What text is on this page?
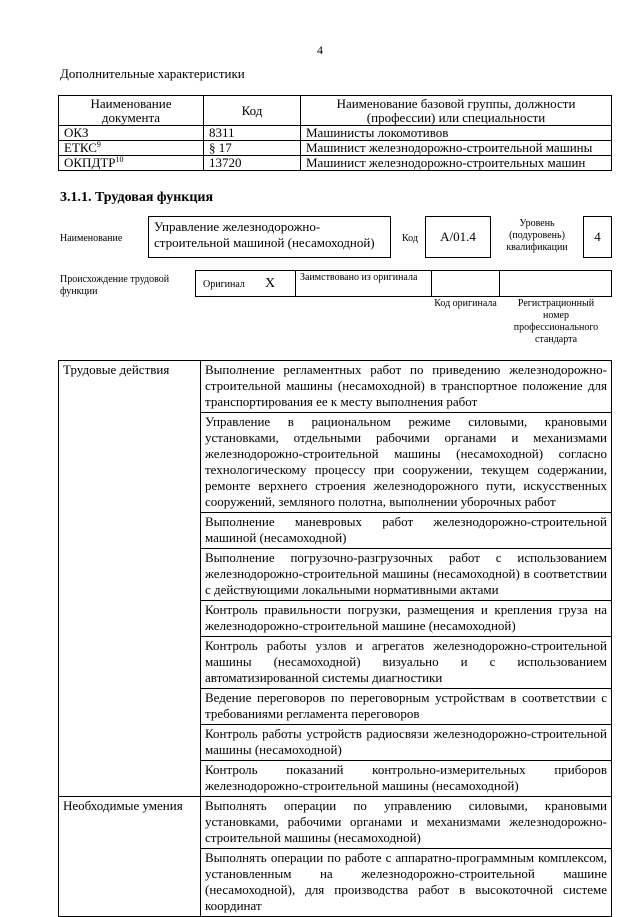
4
Дополнительные характеристики
Наименование документа	Код	Наименование базовой группы, должности (профессии) или специальности
ОКЗ	8311	Машинисты локомотивов
ЕТКС$^9$	§ 17	Машинист железнодорожно-строительной машины
ОКПДТР$^{10}$	13720	Машинист железнодорожно-строительных машин
3.1.1. Трудовая функция
Наименование
Управление железнодорожно-строительной машиной (несамоходной)	Код	A/01.4
Уровень (подуровень) квалификации
4
Происхождение трудовой функции
Оригинал X Заимствовано из оригинала
Код оригинала	Регистрационный номер профессионального стандарта
Трудовые действия	Выполнение регламентных работ по приведению железнодорожно-строительной машины (несамоходной) в транспортное положение для транспортирования ее к месту выполнения работ
	Управление в рациональном режиме силовыми, крановыми установками, отдельными рабочими органами и механизмами железнодорожно-строительной машины (несамоходной) согласно технологическому процессу при сооружении, текущем содержании, ремонте верхнего строения железнодорожного пути, искусственных сооружений, земляного полотна, выполнении уборочных работ
	Выполнение маневровых работ железнодорожно-строительной машиной (несамоходной)
	Выполнение погрузочно-разгрузочных работ с использованием железнодорожно-строительной машины (несамоходной) в соответствии с действующими локальными нормативными актами
	Контроль правильности погрузки, размещения и крепления груза на железнодорожно-строительной машине (несамоходной)
	Контроль работы узлов и агрегатов железнодорожно-строительной машины (несамоходной) визуально и с использованием автоматизированной системы диагностики
	Ведение переговоров по переговорным устройствам в соответствии с требованиями регламента переговоров
	Контроль работы устройств радиосвязи железнодорожно-строительной машины (несамоходной)
	Контроль показаний контрольно-измерительных приборов железнодорожно-строительной машины (несамоходной)
Необходимые умения	Выполнять операции по управлению силовыми, крановыми установками, рабочими органами и механизмами железнодорожно-строительной машины (несамоходной)
	Выполнять операции по работе с аппаратно-программным комплексом, установленным на железнодорожно-строительной машине (несамоходной), для производства работ в высокоточной системе координат
